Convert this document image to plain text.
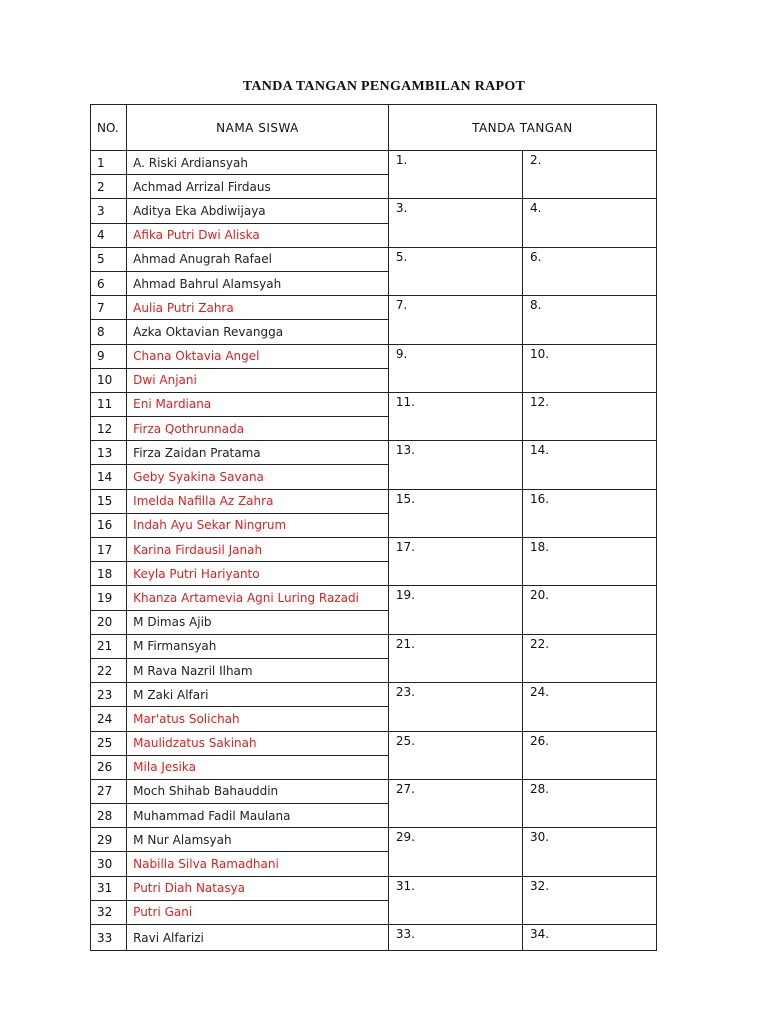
TANDA TANGAN PENGAMBILAN RAPOT
NO.	NAMA SISWA	TANDA TANGAN	
1	A. Riski Ardiansyah	1.	2.
2	Achmad Arrizal Firdaus		
3	Aditya Eka Abdiwijaya	3.	4.
4	Afika Putri Dwi Aliska		
5	Ahmad Anugrah Rafael	5.	6.
6	Ahmad Bahrul Alamsyah		
7	Aulia Putri Zahra	7.	8.
8	Azka Oktavian Revangga		
9	Chana Oktavia Angel	9.	10.
10	Dwi Anjani		
11	Eni Mardiana	11.	12.
12	Firza Qothrunnada		
13	Firza Zaidan Pratama	13.	14.
14	Geby Syakina Savana		
15	Imelda Nafilla Az Zahra	15.	16.
16	Indah Ayu Sekar Ningrum		
17	Karina Firdausil Janah	17.	18.
18	Keyla Putri Hariyanto		
19	Khanza Artamevia Agni Luring Razadi	19.	20.
20	M Dimas Ajib		
21	M Firmansyah	21.	22.
22	M Rava Nazril Ilham		
23	M Zaki Alfari	23.	24.
24	Mar'atus Solichah		
25	Maulidzatus Sakinah	25.	26.
26	Mila Jesika		
27	Moch Shihab Bahauddin	27.	28.
28	Muhammad Fadil Maulana		
29	M Nur Alamsyah	29.	30.
30	Nabilla Silva Ramadhani		
31	Putri Diah Natasya	31.	32.
32	Putri Gani		
33	Ravi Alfarizi	33.	34.
